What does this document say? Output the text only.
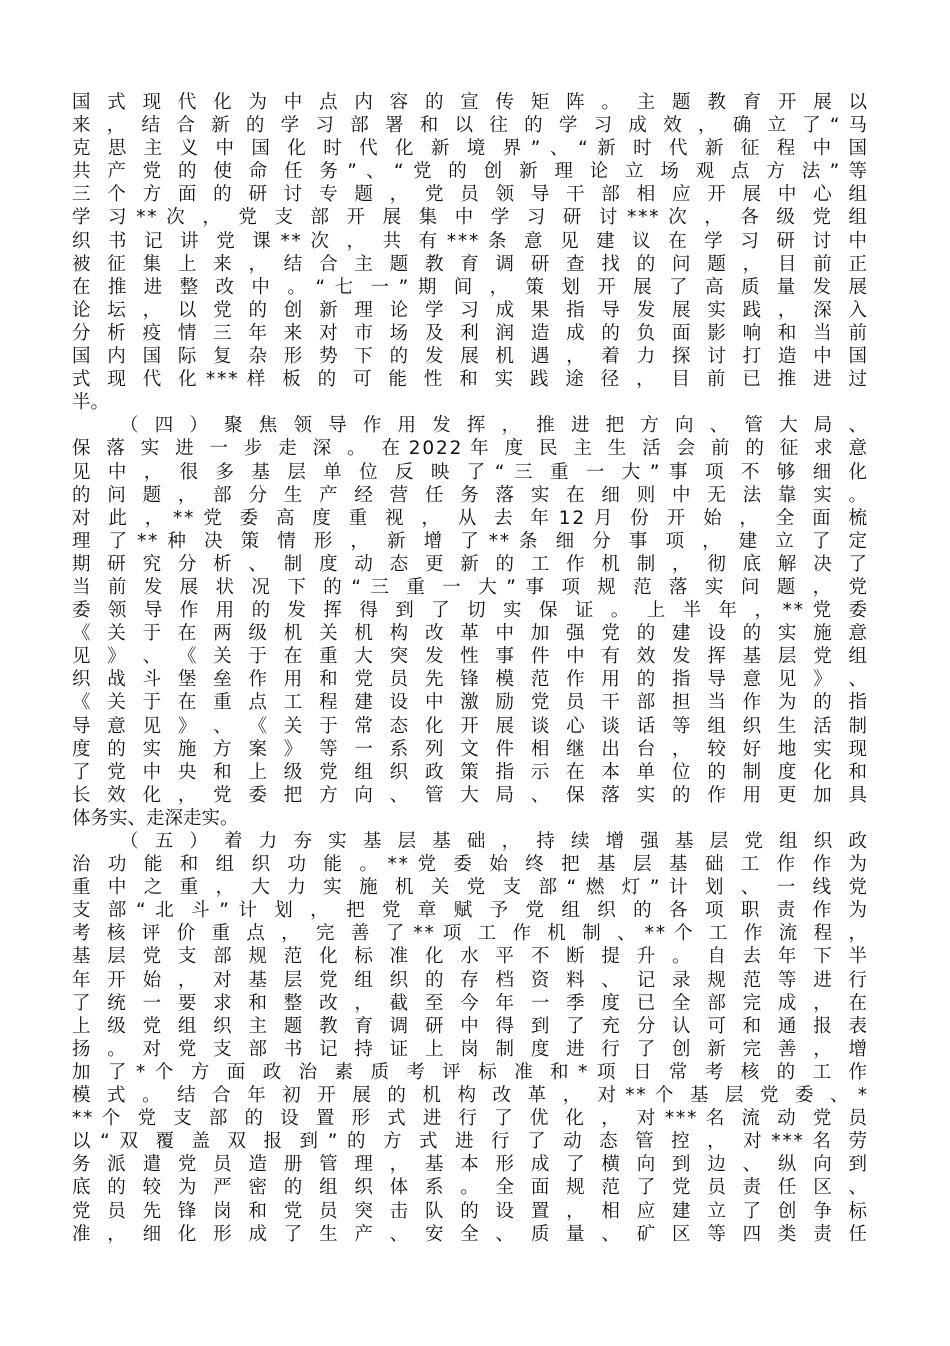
国 式 现 代 化 为 中 点 内 容 的 宣 传 矩 阵 。 主 题 教 育 开 展 以
来 ， 结 合 新 的 学 习 部 署 和 以 往 的 学 习 成 效 ， 确 立 了 “ 马
克 思 主 义 中 国 化 时 代 化 新 境 界 ” 、 “ 新 时 代 新 征 程 中 国
共 产 党 的 使 命 任 务 ” 、 “ 党 的 创 新 理 论 立 场 观 点 方 法 ” 等
三 个 方 面 的 研 讨 专 题 ， 党 员 领 导 干 部 相 应 开 展 中 心 组
学 习 * * 次 ， 党 支 部 开 展 集 中 学 习 研 讨 * * * 次 ， 各 级 党 组
织 书 记 讲 党 课 * * 次 ， 共 有 * * * 条 意 见 建 议 在 学 习 研 讨 中
被 征 集 上 来 ， 结 合 主 题 教 育 调 研 查 找 的 问 题 ， 目 前 正
在 推 进 整 改 中 。 “ 七 一 ” 期 间 ， 策 划 开 展 了 高 质 量 发 展
论 坛 ， 以 党 的 创 新 理 论 学 习 成 果 指 导 发 展 实 践 ， 深 入
分 析 疫 情 三 年 来 对 市 场 及 利 润 造 成 的 负 面 影 响 和 当 前
国 内 国 际 复 杂 形 势 下 的 发 展 机 遇 ， 着 力 探 讨 打 造 中 国
式 现 代 化 * * * 样 板 的 可 能 性 和 实 践 途 径 ， 目 前 已 推 进 过
半。
（ 四 ） 聚 焦 领 导 作 用 发 挥 ， 推 进 把 方 向 、 管 大 局 、
保 落 实 进 一 步 走 深 。 在 2 0 2 2 年 度 民 主 生 活 会 前 的 征 求 意
见 中 ， 很 多 基 层 单 位 反 映 了 “ 三 重 一 大 ” 事 项 不 够 细 化
的 问 题 ， 部 分 生 产 经 营 任 务 落 实 在 细 则 中 无 法 靠 实 。
对 此 ， * * 党 委 高 度 重 视 ， 从 去 年 1 2 月 份 开 始 ， 全 面 梳
理 了 * * 种 决 策 情 形 ， 新 增 了 * * 条 细 分 事 项 ， 建 立 了 定
期 研 究 分 析 、 制 度 动 态 更 新 的 工 作 机 制 ， 彻 底 解 决 了
当 前 发 展 状 况 下 的 “ 三 重 一 大 ” 事 项 规 范 落 实 问 题 ， 党
委 领 导 作 用 的 发 挥 得 到 了 切 实 保 证 。 上 半 年 ， * * 党 委
《 关 于 在 两 级 机 关 机 构 改 革 中 加 强 党 的 建 设 的 实 施 意
见 》 、 《 关 于 在 重 大 突 发 性 事 件 中 有 效 发 挥 基 层 党 组
织 战 斗 堡 垒 作 用 和 党 员 先 锋 模 范 作 用 的 指 导 意 见 》 、
《 关 于 在 重 点 工 程 建 设 中 激 励 党 员 干 部 担 当 作 为 的 指
导 意 见 》 、 《 关 于 常 态 化 开 展 谈 心 谈 话 等 组 织 生 活 制
度 的 实 施 方 案 》 等 一 系 列 文 件 相 继 出 台 ， 较 好 地 实 现
了 党 中 央 和 上 级 党 组 织 政 策 指 示 在 本 单 位 的 制 度 化 和
长 效 化 ， 党 委 把 方 向 、 管 大 局 、 保 落 实 的 作 用 更 加 具
体务实、走深走实。
（ 五 ） 着 力 夯 实 基 层 基 础 ， 持 续 增 强 基 层 党 组 织 政
治 功 能 和 组 织 功 能 。 * * 党 委 始 终 把 基 层 基 础 工 作 作 为
重 中 之 重 ， 大 力 实 施 机 关 党 支 部 “ 燃 灯 ” 计 划 、 一 线 党
支 部 “ 北 斗 ” 计 划 ， 把 党 章 赋 予 党 组 织 的 各 项 职 责 作 为
考 核 评 价 重 点 ， 完 善 了 * * 项 工 作 机 制 、 * * 个 工 作 流 程 ，
基 层 党 支 部 规 范 化 标 准 化 水 平 不 断 提 升 。 自 去 年 下 半
年 开 始 ， 对 基 层 党 组 织 的 存 档 资 料 、 记 录 规 范 等 进 行
了 统 一 要 求 和 整 改 ， 截 至 今 年 一 季 度 已 全 部 完 成 ， 在
上 级 党 组 织 主 题 教 育 调 研 中 得 到 了 充 分 认 可 和 通 报 表
扬 。 对 党 支 部 书 记 持 证 上 岗 制 度 进 行 了 创 新 完 善 ， 增
加 了 * 个 方 面 政 治 素 质 考 评 标 准 和 * 项 日 常 考 核 的 工 作
模 式 。 结 合 年 初 开 展 的 机 构 改 革 ， 对 * * 个 基 层 党 委 、 *
* * 个 党 支 部 的 设 置 形 式 进 行 了 优 化 ， 对 * * * 名 流 动 党 员
以 “ 双 覆 盖 双 报 到 ” 的 方 式 进 行 了 动 态 管 控 ， 对 * * * 名 劳
务 派 遣 党 员 造 册 管 理 ， 基 本 形 成 了 横 向 到 边 、 纵 向 到
底 的 较 为 严 密 的 组 织 体 系 。 全 面 规 范 了 党 员 责 任 区 、
党 员 先 锋 岗 和 党 员 突 击 队 的 设 置 ， 相 应 建 立 了 创 争 标
准 ， 细 化 形 成 了 生 产 、 安 全 、 质 量 、 矿 区 等 四 类 责 任
